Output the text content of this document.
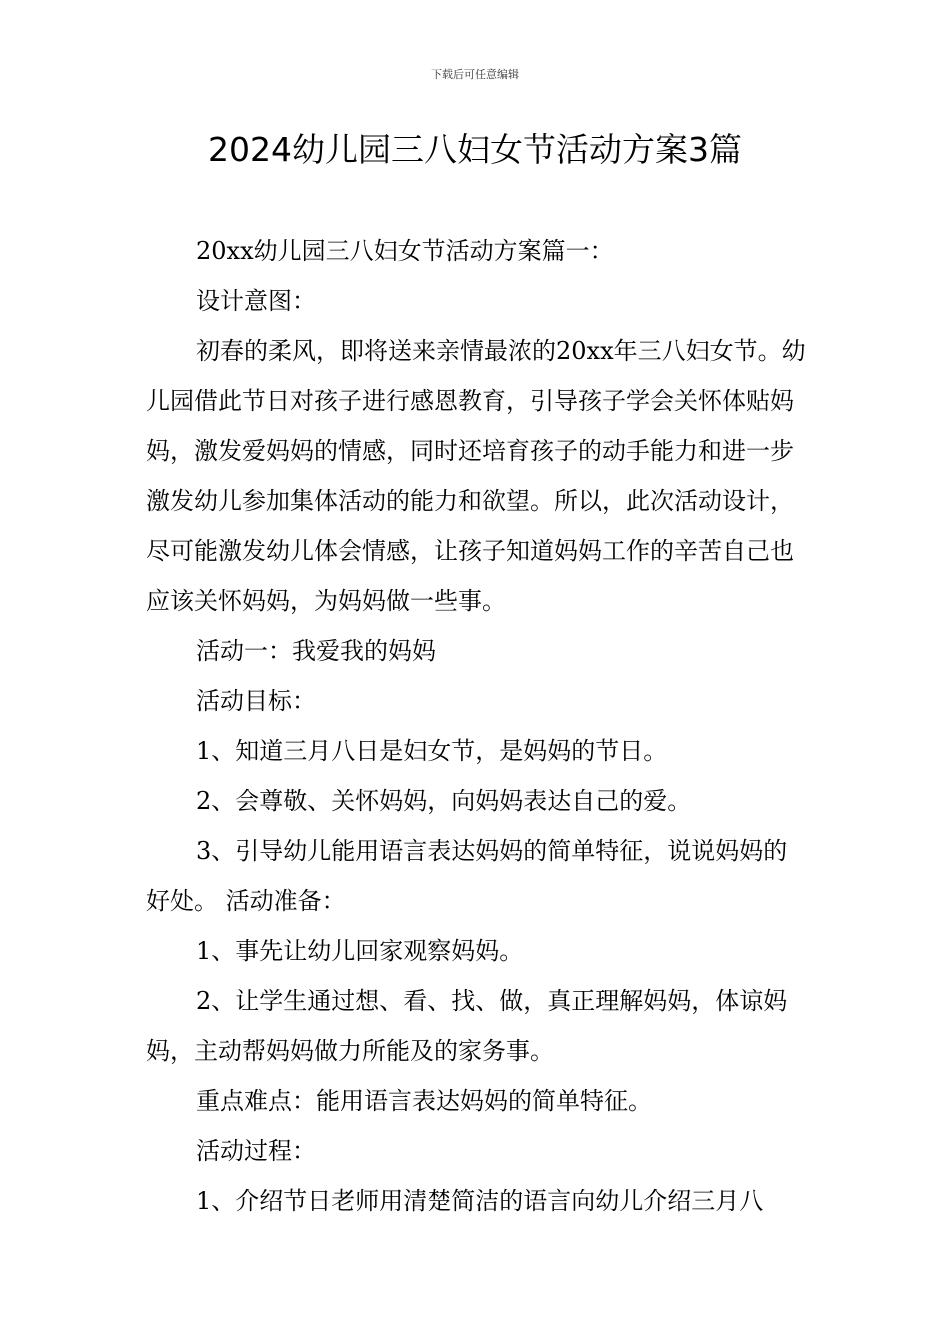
下载后可任意编辑
2024幼儿园三八妇女节活动方案3篇

20xx幼儿园三八妇女节活动方案篇一：

设计意图：

初春的柔风，即将送来亲情最浓的20xx年三八妇女节。幼儿园借此节日对孩子进行感恩教育，引导孩子学会关怀体贴妈妈，激发爱妈妈的情感，同时还培育孩子的动手能力和进一步激发幼儿参加集体活动的能力和欲望。所以，此次活动设计，尽可能激发幼儿体会情感，让孩子知道妈妈工作的辛苦自己也应该关怀妈妈，为妈妈做一些事。

活动一：我爱我的妈妈

活动目标：

1、知道三月八日是妇女节，是妈妈的节日。

2、会尊敬、关怀妈妈，向妈妈表达自己的爱。

3、引导幼儿能用语言表达妈妈的简单特征，说说妈妈的好处。 活动准备：

1、事先让幼儿回家观察妈妈。

2、让学生通过想、看、找、做，真正理解妈妈，体谅妈妈，主动帮妈妈做力所能及的家务事。

重点难点：能用语言表达妈妈的简单特征。

活动过程：

1、介绍节日老师用清楚简洁的语言向幼儿介绍三月八
